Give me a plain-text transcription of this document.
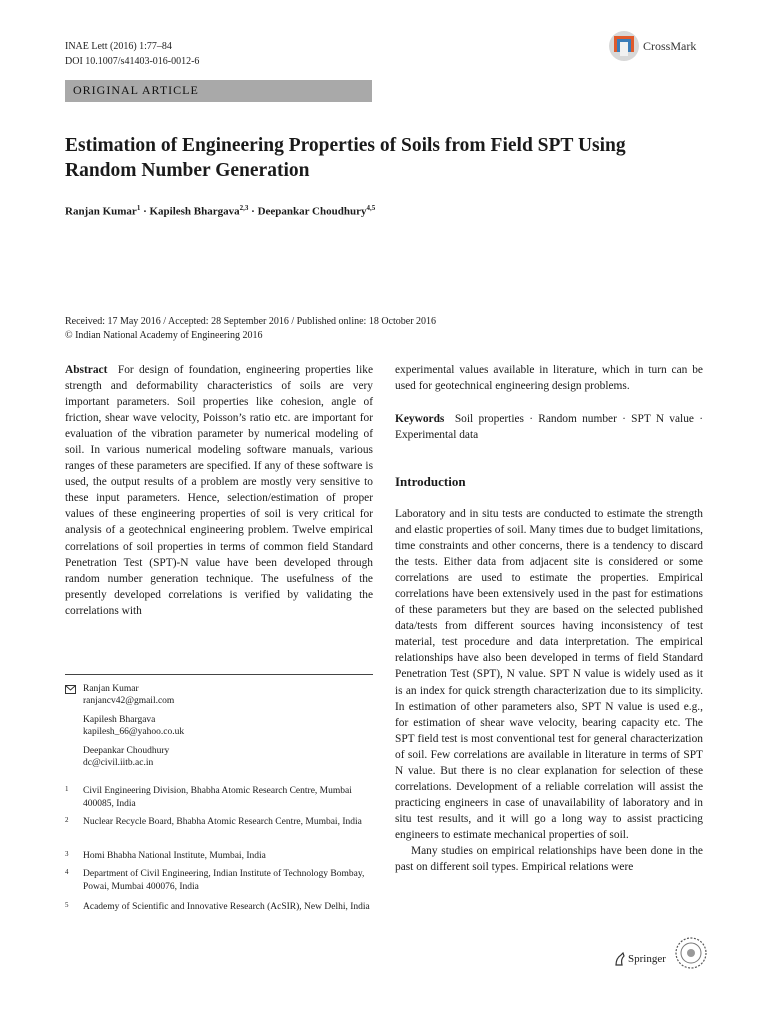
INAE Lett (2016) 1:77–84
DOI 10.1007/s41403-016-0012-6
CrossMark
ORIGINAL ARTICLE
Estimation of Engineering Properties of Soils from Field SPT Using Random Number Generation
Ranjan Kumar$^1$ · Kapilesh Bhargava$^{2,3}$ · Deepankar Choudhury$^{4,5}$
Received: 17 May 2016 / Accepted: 28 September 2016 / Published online: 18 October 2016
© Indian National Academy of Engineering 2016
Abstract For design of foundation, engineering properties like strength and deformability characteristics of soils are very important parameters. Soil properties like cohesion, angle of friction, shear wave velocity, Poisson’s ratio etc. are important for evaluation of the vibration parameter by numerical modeling of soil. In various numerical modeling software manuals, various ranges of these parameters are specified. If any of these software is used, the output results of a problem are mostly very sensitive to these input parameters. Hence, selection/estimation of proper values of these engineering properties of soil is very critical for analysis of a geotechnical engineering problem. Twelve empirical correlations of soil properties in terms of common field Standard Penetration Test (SPT)-N value have been developed through random number generation technique. The usefulness of the presently developed correlations is verified by validating the correlations with
experimental values available in literature, which in turn can be used for geotechnical engineering design problems.
Keywords Soil properties · Random number · SPT N value · Experimental data
Introduction

Laboratory and in situ tests are conducted to estimate the strength and elastic properties of soil. Many times due to budget limitations, time constraints and other concerns, there is a tendency to discard the tests. Either data from adjacent site is considered or some correlations are used to estimate the properties. Empirical correlations have been extensively used in the past for estimations of these parameters but they are based on the selected published data/tests from different sources having inconsistency of test material, test procedure and data interpretation. The empirical relationships have also been developed in terms of field Standard Penetration Test (SPT), N value. SPT N value is widely used as it is an index for quick strength characterization due to its simplicity. In estimation of other parameters also, SPT N value is used e.g., for estimation of shear wave velocity, bearing capacity etc. The SPT field test is most conventional test for general characterization of soil. Few correlations are available in literature in terms of SPT N value. But there is no clear explanation for selection of these correlations. Development of a reliable correlation will assist the practicing engineers in case of unavailability of laboratory and in situ test results, and it will go a long way to assist practicing engineers to estimate mechanical properties of soil.

Many studies on empirical relationships have been done in the past on different soil types. Empirical relations were

Ranjan Kumar
ranjancv42@gmail.com
Kapilesh Bhargava
kapilesh_66@yahoo.co.uk
Deepankar Choudhury
dc@civil.iitb.ac.in
1 Civil Engineering Division, Bhabha Atomic Research Centre, Mumbai 400085, India
2 Nuclear Recycle Board, Bhabha Atomic Research Centre, Mumbai, India
3 Homi Bhabha National Institute, Mumbai, India
4 Department of Civil Engineering, Indian Institute of Technology Bombay, Powai, Mumbai 400076, India
5 Academy of Scientific and Innovative Research (AcSIR), New Delhi, India
Springer
